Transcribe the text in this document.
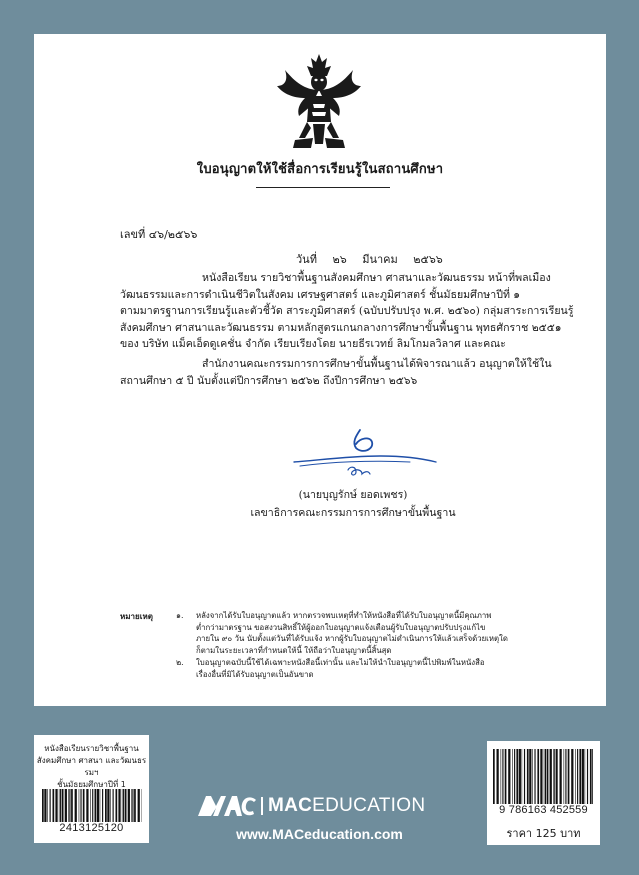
ใบอนุญาตให้ใช้สื่อการเรียนรู้ในสถานศึกษา
เลขที่ ๔๖/๒๕๖๖
วันที่ ๒๖ มีนาคม ๒๕๖๖
หนังสือเรียน รายวิชาพื้นฐานสังคมศึกษา ศาสนาและวัฒนธรรม หน้าที่พลเมือง
วัฒนธรรมและการดำเนินชีวิตในสังคม เศรษฐศาสตร์ และภูมิศาสตร์ ชั้นมัธยมศึกษาปีที่ ๑
ตามมาตรฐานการเรียนรู้และตัวชี้วัด สาระภูมิศาสตร์ (ฉบับปรับปรุง พ.ศ. ๒๕๖๐) กลุ่มสาระการเรียนรู้
สังคมศึกษา ศาสนาและวัฒนธรรม ตามหลักสูตรแกนกลางการศึกษาขั้นพื้นฐาน พุทธศักราช ๒๕๕๑
ของ บริษัท แม็คเอ็ดดูเคชั่น จำกัด เรียบเรียงโดย นายธีรเวทย์ ลิมโกมลวิลาศ และคณะ
สำนักงานคณะกรรมการการศึกษาขั้นพื้นฐานได้พิจารณาแล้ว อนุญาตให้ใช้ใน
สถานศึกษา ๕ ปี นับตั้งแต่ปีการศึกษา ๒๕๖๒ ถึงปีการศึกษา ๒๕๖๖
(นายบุญรักษ์ ยอดเพชร)
เลขาธิการคณะกรรมการการศึกษาขั้นพื้นฐาน
หมายเหตุ	๑. หลังจากได้รับใบอนุญาตแล้ว หากตรวจพบเหตุที่ทำให้หนังสือที่ได้รับใบอนุญาตนี้มีคุณภาพ
ต่ำกว่ามาตรฐาน ขอสงวนสิทธิ์ให้ผู้ออกใบอนุญาตแจ้งเตือนผู้รับใบอนุญาตปรับปรุงแก้ไข
ภายใน ๙๐ วัน นับตั้งแต่วันที่ได้รับแจ้ง หากผู้รับใบอนุญาตไม่ดำเนินการให้แล้วเสร็จด้วยเหตุใด
ก็ตามในระยะเวลาที่กำหนดให้นี้ ให้ถือว่าใบอนุญาตนี้สิ้นสุด
๒. ใบอนุญาตฉบับนี้ใช้ได้เฉพาะหนังสือนี้เท่านั้น และไม่ให้นำใบอนุญาตนี้ไปพิมพ์ในหนังสือ
เรื่องอื่นที่มิได้รับอนุญาตเป็นอันขาด
หนังสือเรียนรายวิชาพื้นฐาน
สังคมศึกษา ศาสนา และวัฒนธรรมฯ
ชั้นมัธยมศึกษาปีที่ 1
2413125120
MACEDUCATION
www.MACeducation.com
9 786163 452559
ราคา 125 บาท
